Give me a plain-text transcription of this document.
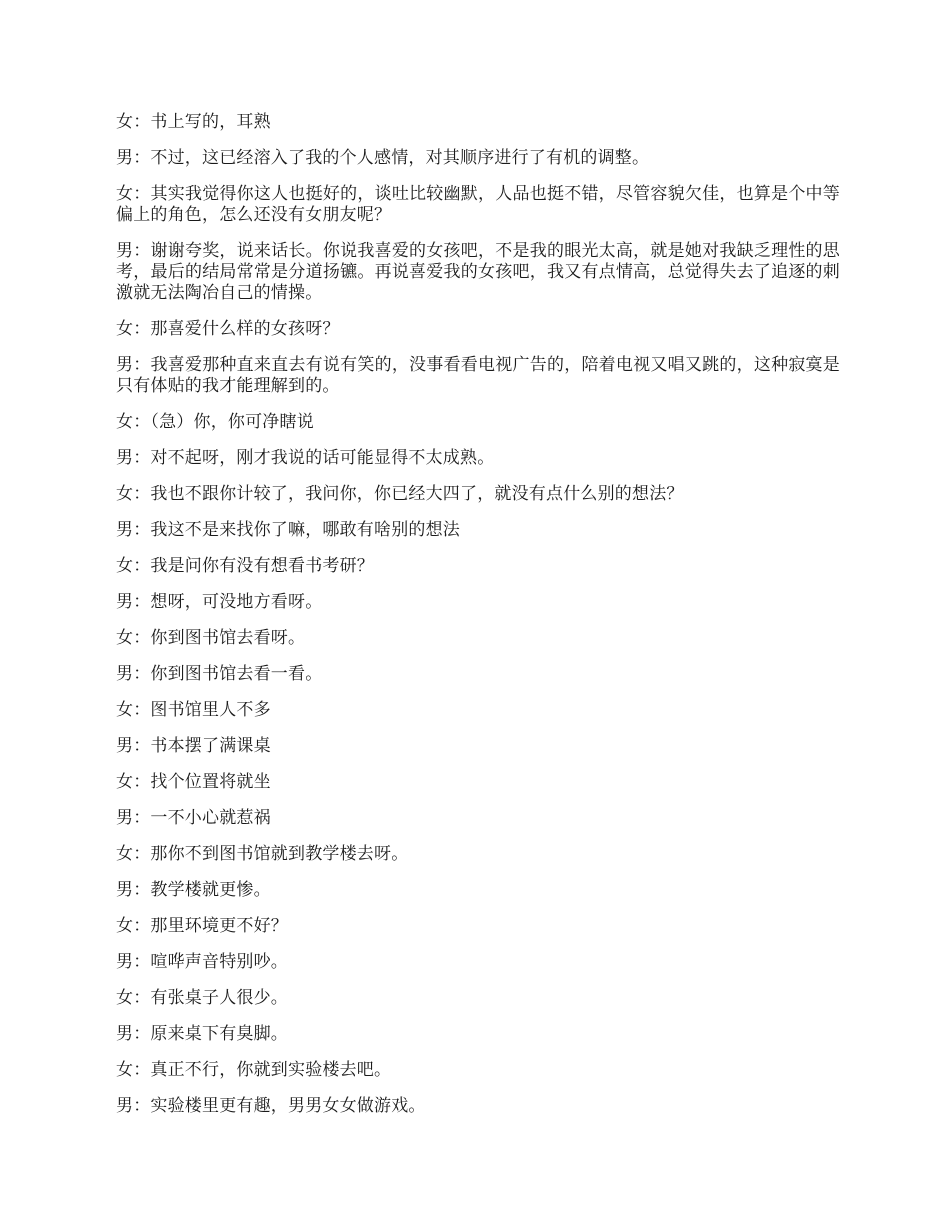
女：书上写的，耳熟

男：不过，这已经溶入了我的个人感情，对其顺序进行了有机的调整。

女：其实我觉得你这人也挺好的，谈吐比较幽默，人品也挺不错，尽管容貌欠佳，也算是个中等偏上的角色，怎么还没有女朋友呢？

男：谢谢夸奖，说来话长。你说我喜爱的女孩吧，不是我的眼光太高，就是她对我缺乏理性的思考，最后的结局常常是分道扬镳。再说喜爱我的女孩吧，我又有点情高，总觉得失去了追逐的刺激就无法陶冶自己的情操。

女：那喜爱什么样的女孩呀？

男：我喜爱那种直来直去有说有笑的，没事看看电视广告的，陪着电视又唱又跳的，这种寂寞是只有体贴的我才能理解到的。

女：（急）你，你可净瞎说

男：对不起呀，刚才我说的话可能显得不太成熟。

女：我也不跟你计较了，我问你，你已经大四了，就没有点什么别的想法？

男：我这不是来找你了嘛，哪敢有啥别的想法

女：我是问你有没有想看书考研？

男：想呀，可没地方看呀。

女：你到图书馆去看呀。

男：你到图书馆去看一看。

女：图书馆里人不多

男：书本摆了满课桌

女：找个位置将就坐

男：一不小心就惹祸

女：那你不到图书馆就到教学楼去呀。

男：教学楼就更惨。

女：那里环境更不好？

男：喧哗声音特别吵。

女：有张桌子人很少。

男：原来桌下有臭脚。

女：真正不行，你就到实验楼去吧。

男：实验楼里更有趣，男男女女做游戏。
